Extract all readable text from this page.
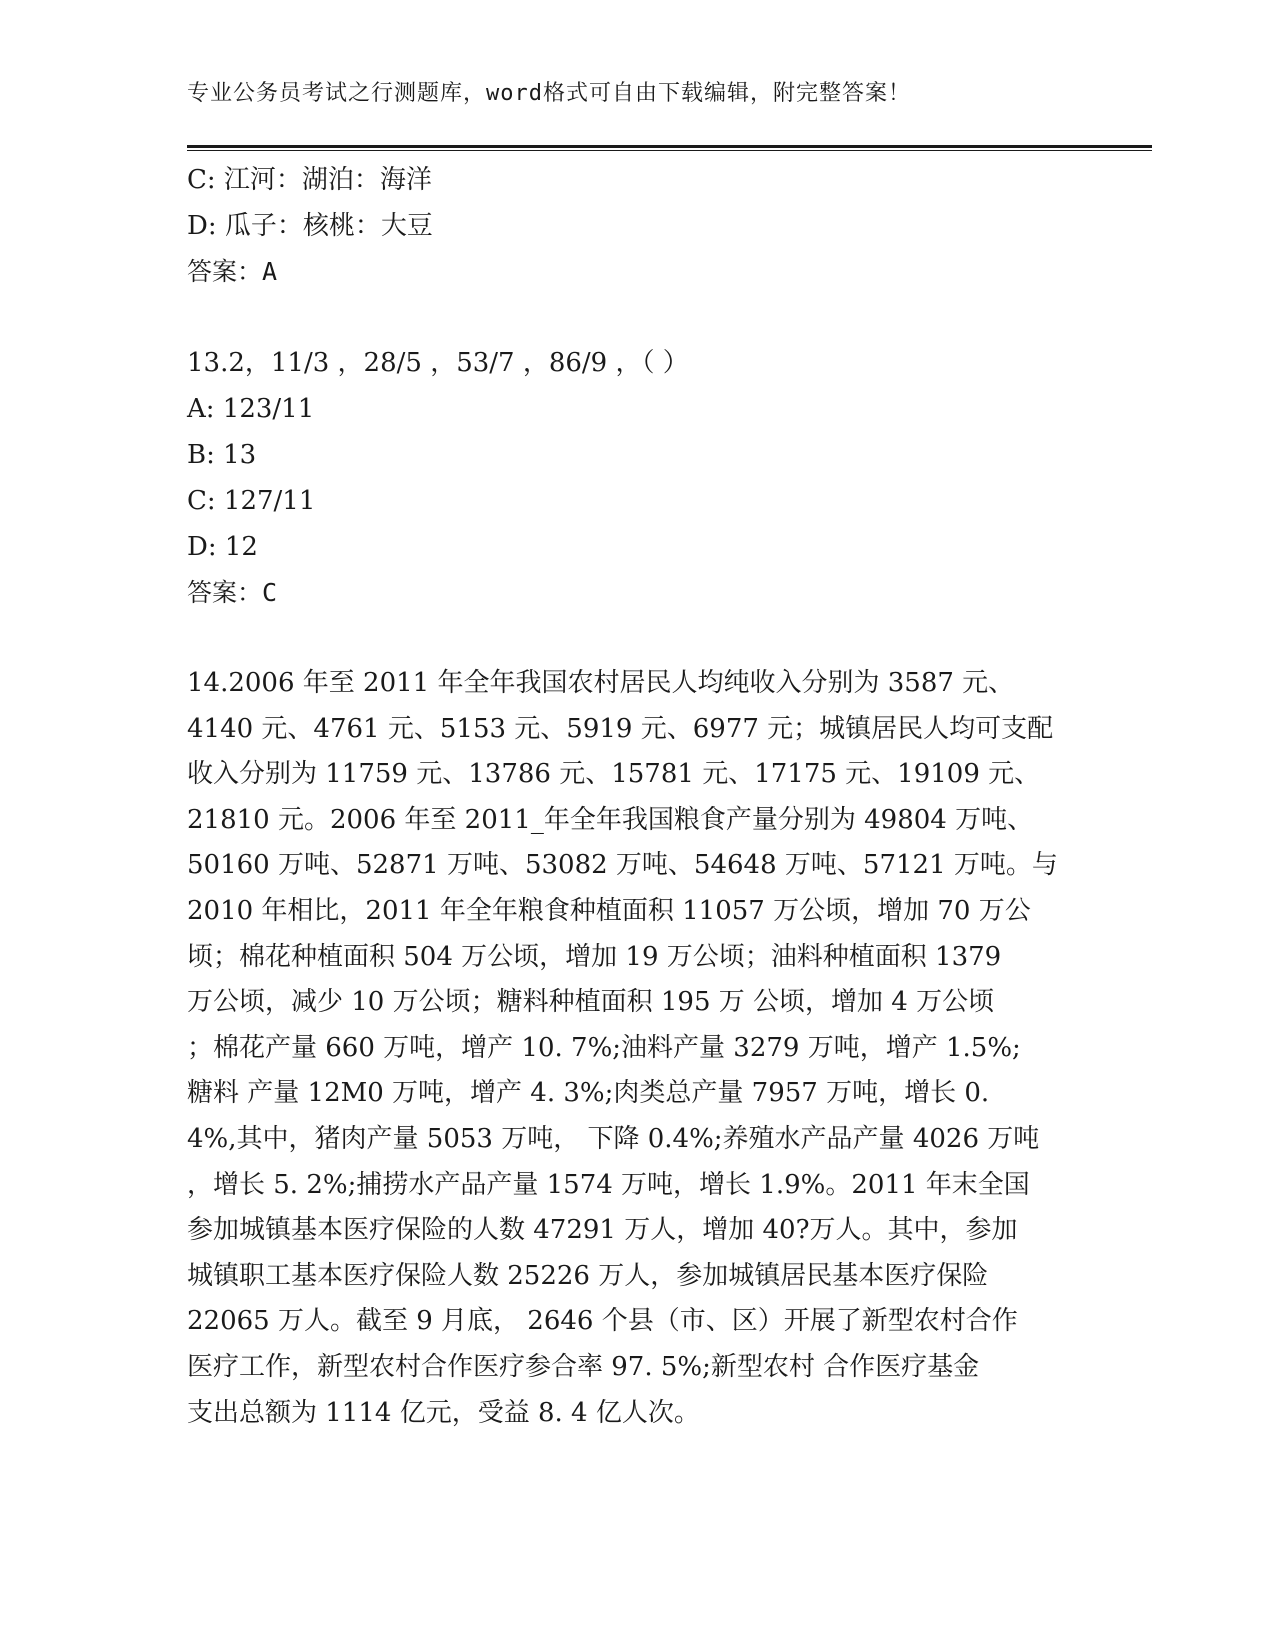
专业公务员考试之行测题库，word格式可自由下载编辑，附完整答案！
C: 江河：湖泊：海洋
D: 瓜子：核桃：大豆
答案：A
13.2，11/3 ，28/5 ，53/7 ，86/9 ，（ ）
A: 123/11
B: 13
C: 127/11
D: 12
答案：C
14.2006 年至 2011 年全年我国农村居民人均纯收入分别为 3587 元、
4140 元、4761 元、5153 元、5919 元、6977 元；城镇居民人均可支配
收入分别为 11759 元、13786 元、15781 元、17175 元、19109 元、
21810 元。2006 年至 2011_年全年我国粮食产量分别为 49804 万吨、
50160 万吨、52871 万吨、53082 万吨、54648 万吨、57121 万吨。与
2010 年相比，2011 年全年粮食种植面积 11057 万公顷，增加 70 万公
顷；棉花种植面积 504 万公顷，增加 19 万公顷；油料种植面积 1379
万公顷，减少 10 万公顷；糖料种植面积 195 万 公顷，增加 4 万公顷
；棉花产量 660 万吨，增产 10. 7%;油料产量 3279 万吨，增产 1.5%;
糖料 产量 12M0 万吨，增产 4. 3%;肉类总产量 7957 万吨，增长 0.
4%,其中，猪肉产量 5053 万吨， 下降 0.4%;养殖水产品产量 4026 万吨
，增长 5. 2%;捕捞水产品产量 1574 万吨，增长 1.9%。2011 年末全国
参加城镇基本医疗保险的人数 47291 万人，增加 40?万人。其中，参加
城镇职工基本医疗保险人数 25226 万人，参加城镇居民基本医疗保险
22065 万人。截至 9 月底， 2646 个县（市、区）开展了新型农村合作
医疗工作，新型农村合作医疗参合率 97. 5%;新型农村 合作医疗基金
支出总额为 1114 亿元，受益 8. 4 亿人次。
